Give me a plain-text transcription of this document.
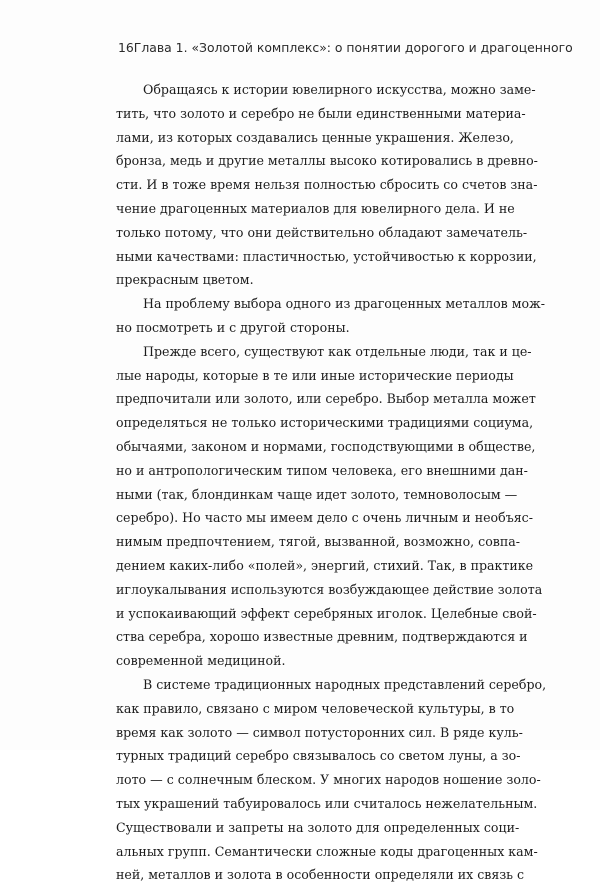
16 Глава 1. «Золотой комплекс»: о понятии дорогого и драгоценного
Обращаясь к истории ювелирного искусства, можно заме-
тить, что золото и серебро не были единственными материа-
лами, из которых создавались ценные украшения. Железо,
бронза, медь и другие металлы высоко котировались в древно-
сти. И в тоже время нельзя полностью сбросить со счетов зна-
чение драгоценных материалов для ювелирного дела. И не
только потому, что они действительно обладают замечатель-
ными качествами: пластичностью, устойчивостью к коррозии,
прекрасным цветом.
На проблему выбора одного из драгоценных металлов мож-
но посмотреть и с другой стороны.
Прежде всего, существуют как отдельные люди, так и це-
лые народы, которые в те или иные исторические периоды
предпочитали или золото, или серебро. Выбор металла может
определяться не только историческими традициями социума,
обычаями, законом и нормами, господствующими в обществе,
но и антропологическим типом человека, его внешними дан-
ными (так, блондинкам чаще идет золото, темноволосым —
серебро). Но часто мы имеем дело с очень личным и необъяс-
нимым предпочтением, тягой, вызванной, возможно, совпа-
дением каких-либо «полей», энергий, стихий. Так, в практике
иглоукалывания используются возбуждающее действие золота
и успокаивающий эффект серебряных иголок. Целебные свой-
ства серебра, хорошо известные древним, подтверждаются и
современной медициной.
В системе традиционных народных представлений серебро,
как правило, связано с миром человеческой культуры, в то
время как золото — символ потусторонних сил. В ряде куль-
турных традиций серебро связывалось со светом луны, а зо-
лото — с солнечным блеском. У многих народов ношение золо-
тых украшений табуировалось или считалось нежелательным.
Существовали и запреты на золото для определенных соци-
альных групп. Семантически сложные коды драгоценных кам-
ней, металлов и золота в особенности определяли их связь с
